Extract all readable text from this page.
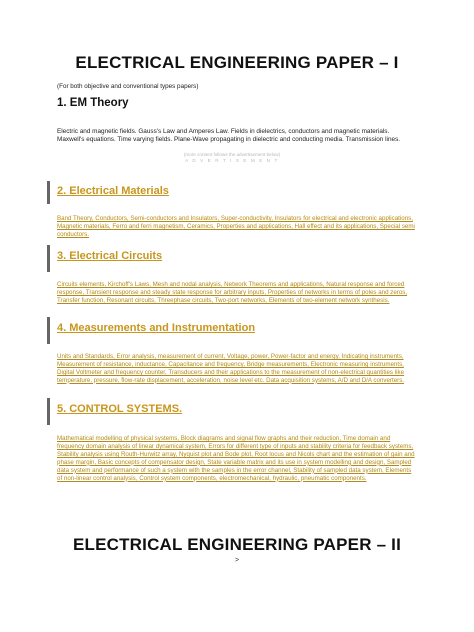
ELECTRICAL ENGINEERING PAPER – I

(For both objective and conventional types papers)

1. EM Theory

Electric and magnetic fields. Gauss's Law and Amperes Law. Fields in dielectrics, conductors and magnetic materials. Maxwell's equations. Time varying fields. Plane-Wave propagating in dielectric and conducting media. Transmission lines.

(more content follows the advertisement below)
A D V E R T I S E M E N T
2. Electrical Materials

Band Theory, Conductors, Semi-conductors and Insulators, Super-conductivity, Insulators for electrical and electronic applications, Magnetic materials, Ferro and ferri magnetism, Ceramics, Properties and applications, Hall effect and its applications, Special semi conductors.

3. Electrical Circuits

Circuits elements, Kirchoff's Laws, Mesh and nodal analysis, Network Theorems and applications, Natural response and forced response, Transient response and steady state response for arbitrary inputs, Properties of networks in terms of poles and zeros, Transfer function, Resonant circuits, Threephase circuits, Two-port networks, Elements of two-element network synthesis.

4. Measurements and Instrumentation

Units and Standards, Error analysis, measurement of current, Voltage, power, Power-factor and energy, Indicating instruments, Measurement of resistance, inductance, Capacitance and frequency, Bridge measurements, Electronic measuring instruments, Digital Voltmeter and frequency counter, Transducers and their applications to the measurement of non-electrical quantities like temperature, pressure, flow-rate displacement, acceleration, noise level etc. Data acquisition systems, A/D and D/A converters.

5. CONTROL SYSTEMS.

Mathematical modelling of physical systems, Block diagrams and signal flow graphs and their reduction, Time domain and frequency domain analysis of linear dynamical system, Errors for different type of inputs and stability criteria for feedback systems, Stability analysis using Routh-Hurwitz array, Nyquist plot and Bode plot, Root locus and Nicols chart and the estimation of gain and phase margin, Basic concepts of compensator design, State variable matrix and its use in system modelling and design, Sampled data system and performance of such a system with the samples in the error channel, Stability of sampled data system, Elements of non-linear control analysis, Control system components, electromechanical, hydraulic, pneumatic components.

ELECTRICAL ENGINEERING PAPER – II
>
